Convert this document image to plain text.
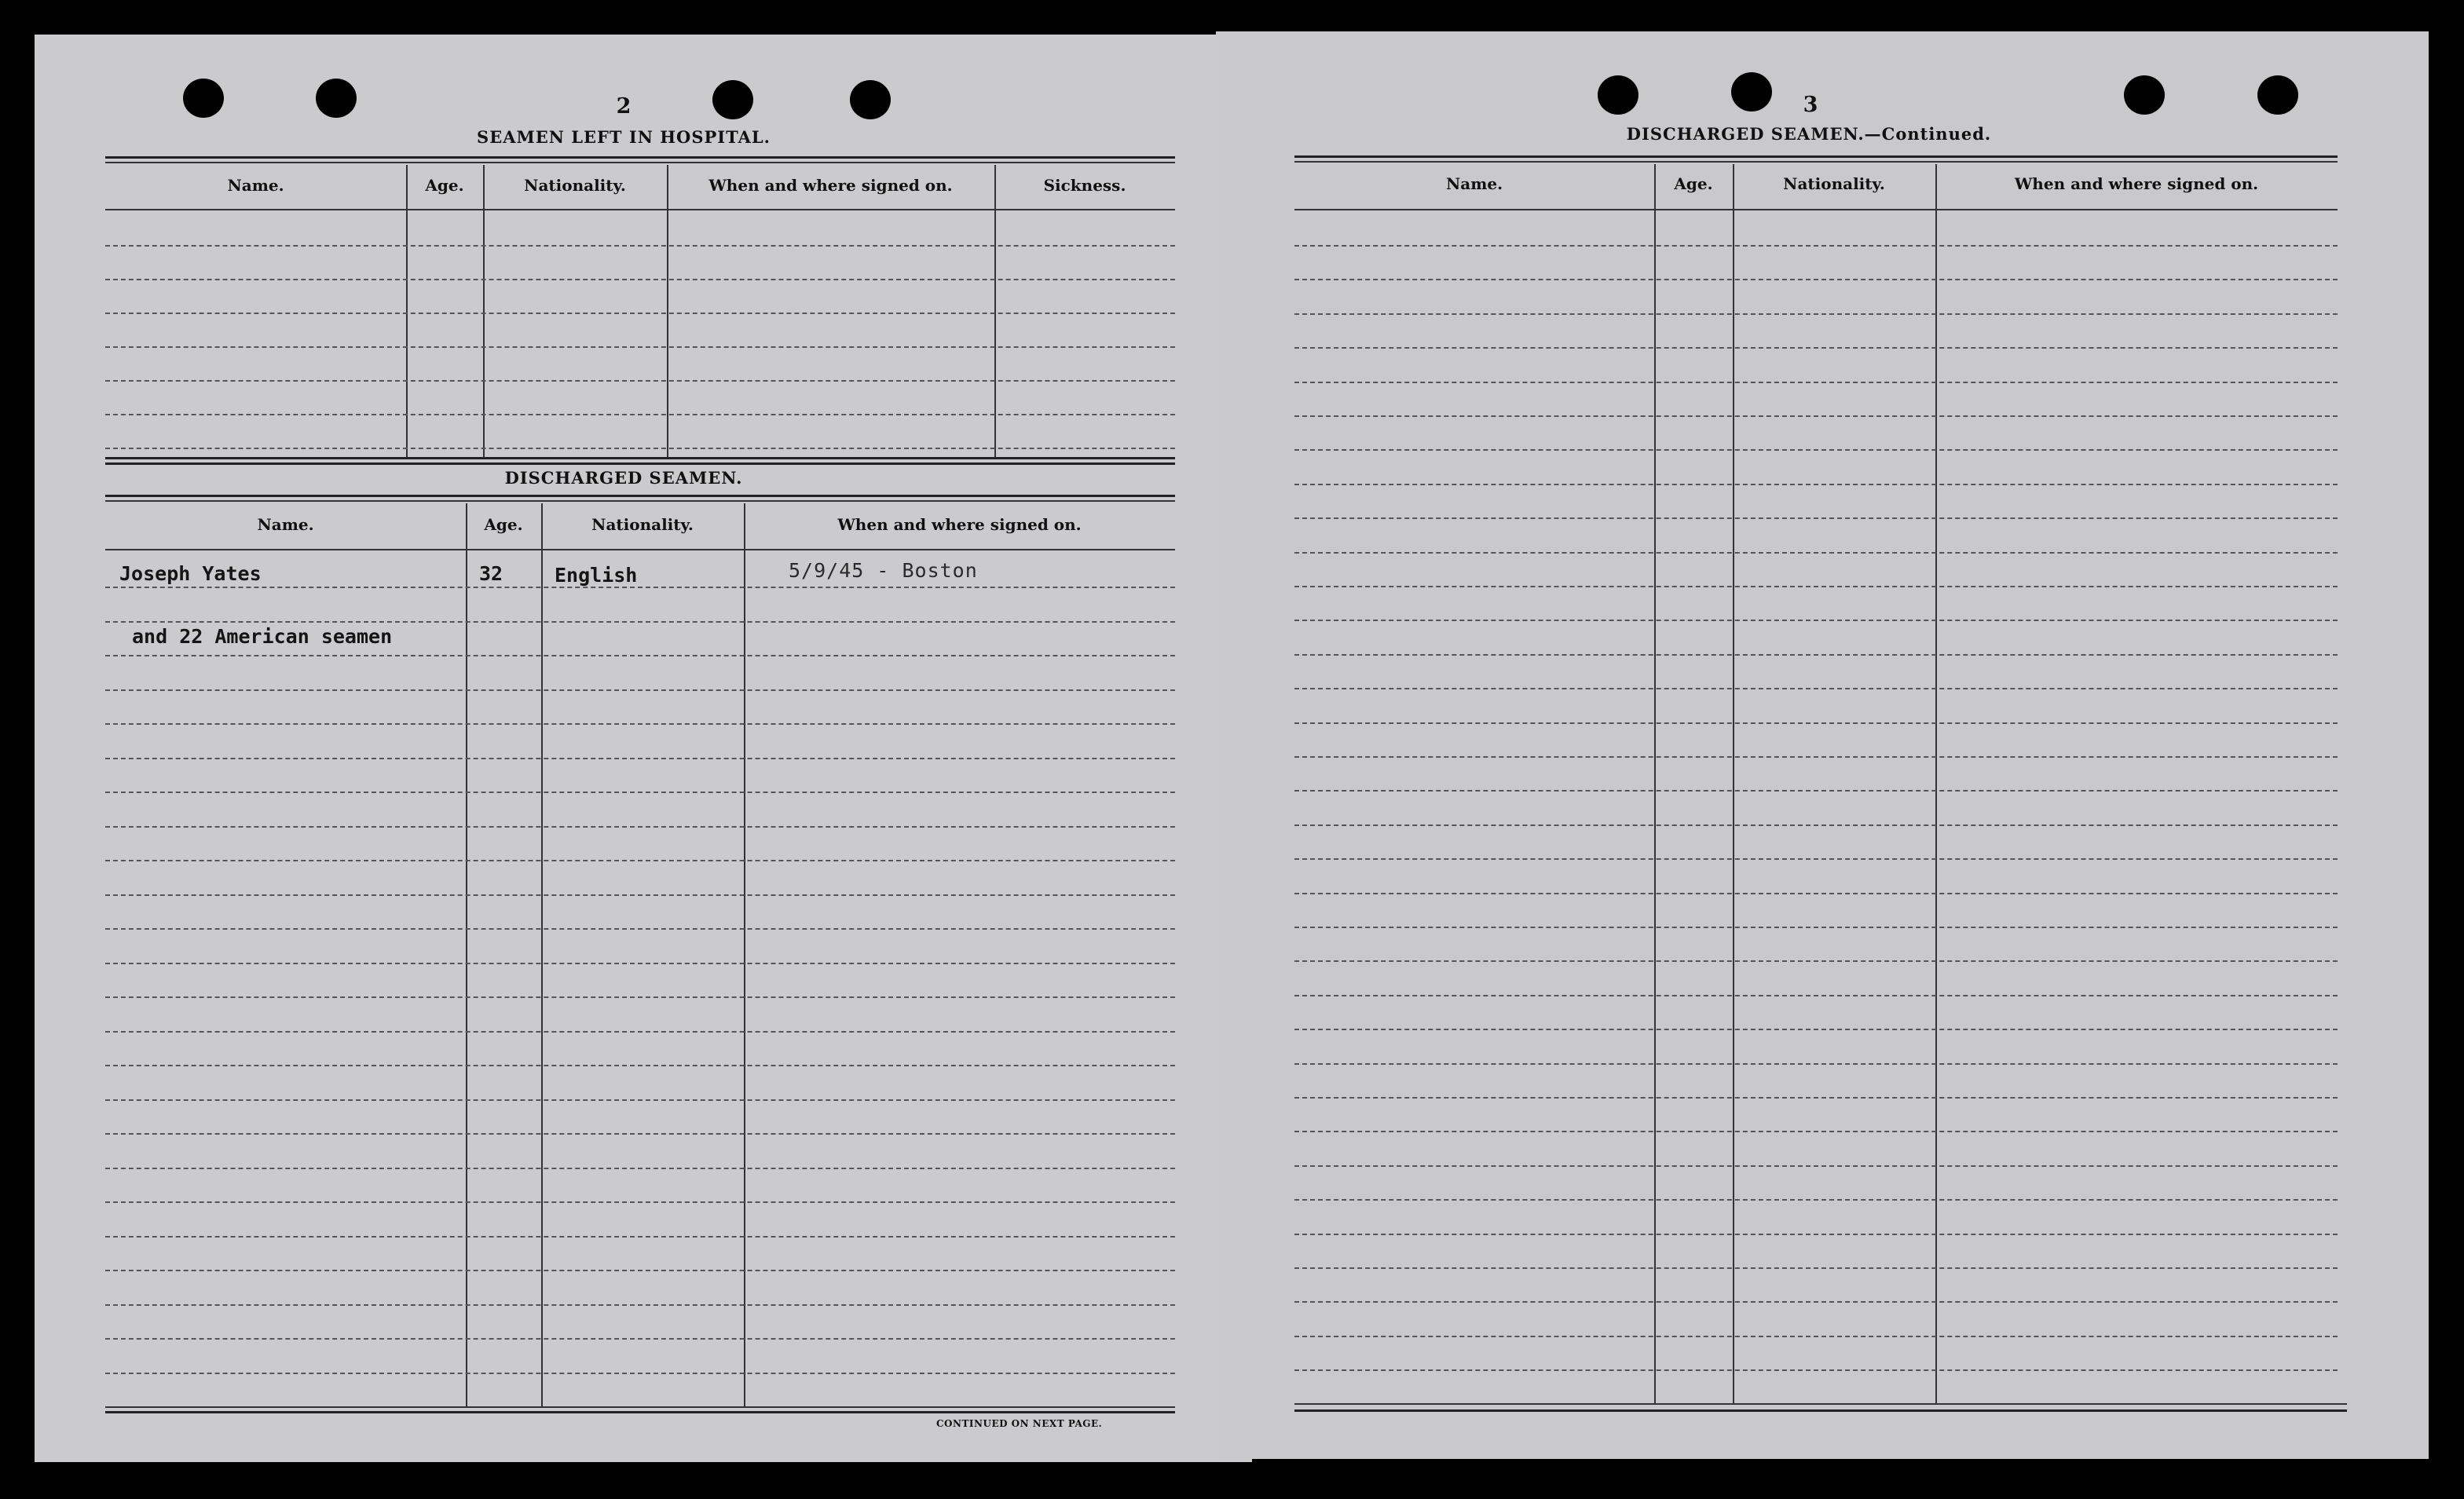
2
SEAMEN LEFT IN HOSPITAL.
Name.	Age.	Nationality.	When and where signed on.	Sickness.
DISCHARGED SEAMEN.
Name.	Age.	Nationality.	When and where signed on.
Joseph Yates	32	English	5/9/45 - Boston
and 22 American seamen
CONTINUED ON NEXT PAGE.
3
DISCHARGED SEAMEN.—Continued.
Name.	Age.	Nationality.	When and where signed on.
